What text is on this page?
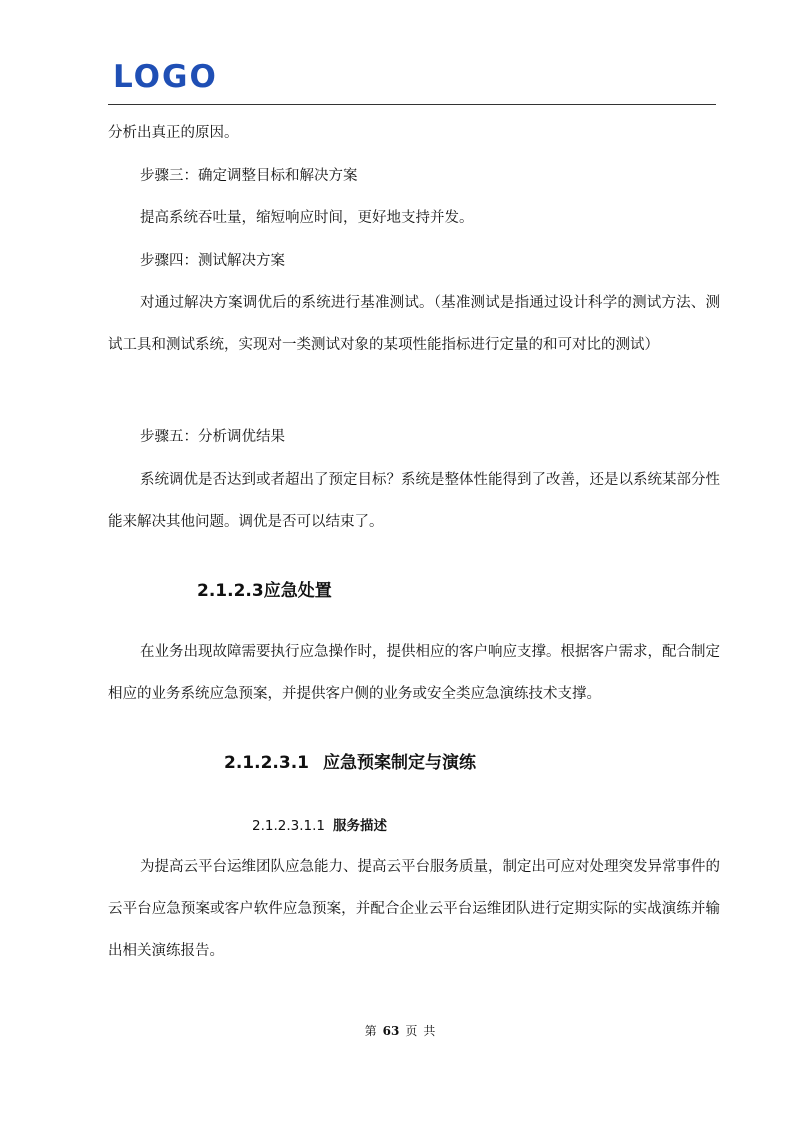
LOGO

分析出真正的原因。

步骤三：确定调整目标和解决方案

提高系统吞吐量，缩短响应时间，更好地支持并发。

步骤四：测试解决方案

对通过解决方案调优后的系统进行基准测试。（基准测试是指通过设计科学的测试方法、测试工具和测试系统，实现对一类测试对象的某项性能指标进行定量的和可对比的测试）

步骤五：分析调优结果

系统调优是否达到或者超出了预定目标？系统是整体性能得到了改善，还是以系统某部分性能来解决其他问题。调优是否可以结束了。

2.1.2.3应急处置

在业务出现故障需要执行应急操作时，提供相应的客户响应支撑。根据客户需求，配合制定相应的业务系统应急预案，并提供客户侧的业务或安全类应急演练技术支撑。

2.1.2.3.1 应急预案制定与演练
2.1.2.3.1.1 服务描述

为提高云平台运维团队应急能力、提高云平台服务质量，制定出可应对处理突发异常事件的云平台应急预案或客户软件应急预案，并配合企业云平台运维团队进行定期实际的实战演练并输出相关演练报告。

第 63 页 共
